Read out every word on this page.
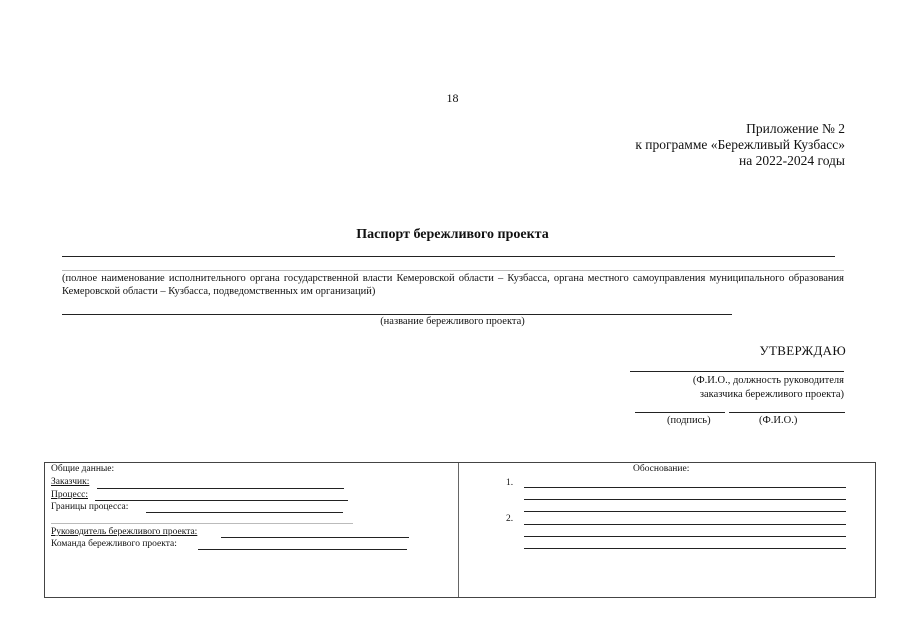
18
Приложение № 2
к программе «Бережливый Кузбасс»
на 2022-2024 годы
Паспорт бережливого проекта
(полное наименование исполнительного органа государственной власти Кемеровской области – Кузбасса, органа местного самоуправления муниципального образования Кемеровской области – Кузбасса, подведомственных им организаций)
(название бережливого проекта)
УТВЕРЖДАЮ
(Ф.И.О., должность руководителя
заказчика бережливого проекта)
(подпись)	(Ф.И.О.)
Общие данные:
Заказчик:
Процесс:
Границы процесса:
Руководитель бережливого проекта:
Команда бережливого проекта:
Обоснование:
1.
2.
